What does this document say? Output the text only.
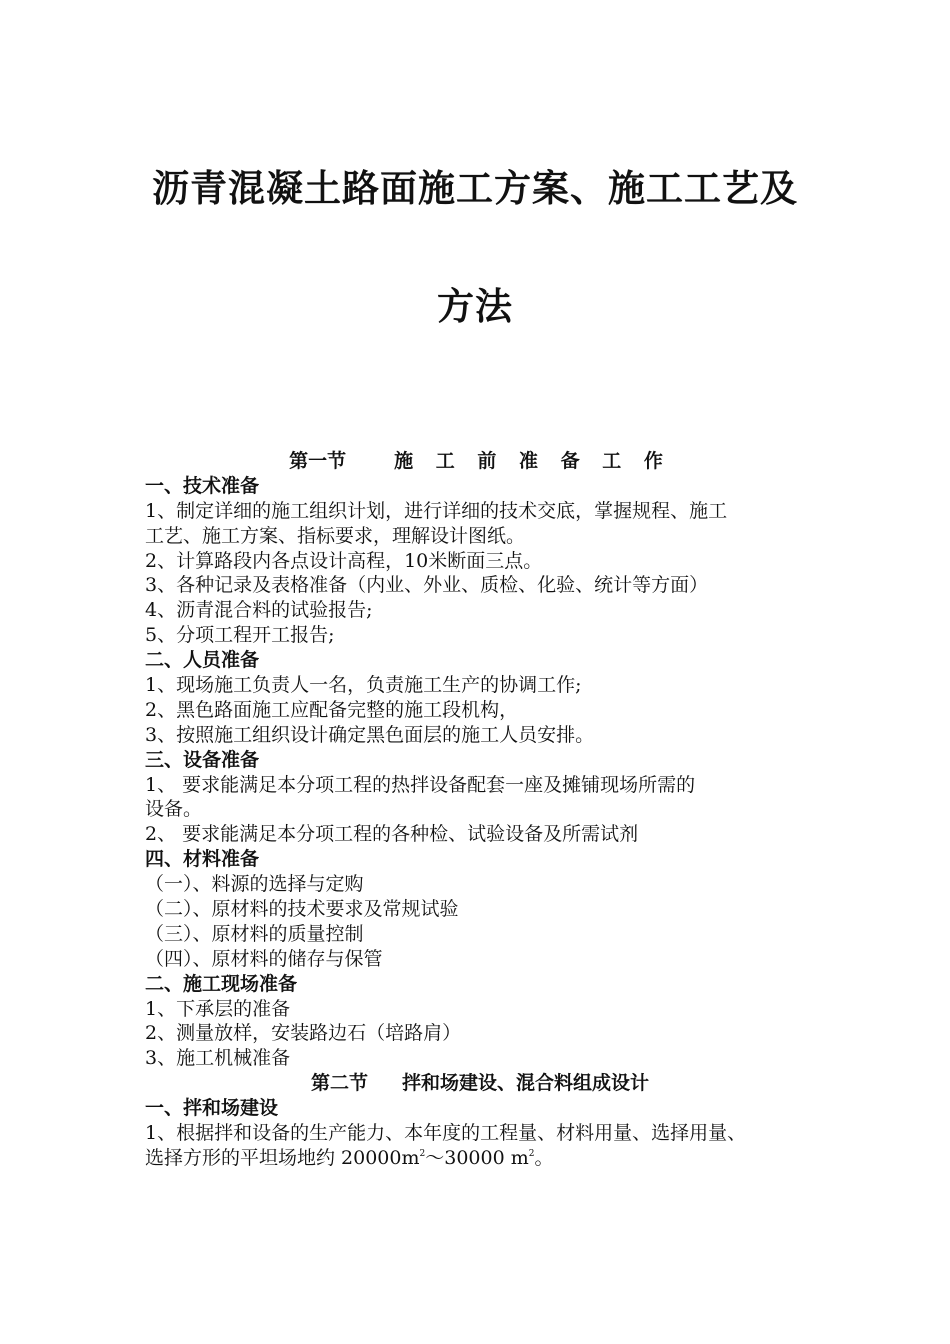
沥青混凝土路面施工方案、施工工艺及
方法
第一节	施 工 前 准 备 工 作
一、技术准备
1、制定详细的施工组织计划，进行详细的技术交底，掌握规程、施工
工艺、施工方案、指标要求，理解设计图纸。
2、计算路段内各点设计高程，10米断面三点。
3、各种记录及表格准备（内业、外业、质检、化验、统计等方面）
4、沥青混合料的试验报告;
5、分项工程开工报告;
二、人员准备
1、现场施工负责人一名，负责施工生产的协调工作;
2、黑色路面施工应配备完整的施工段机构，
3、按照施工组织设计确定黑色面层的施工人员安排。
三、设备准备
1、 要求能满足本分项工程的热拌设备配套一座及摊铺现场所需的
设备。
2、 要求能满足本分项工程的各种检、试验设备及所需试剂
四、材料准备
（一）、料源的选择与定购
（二）、原材料的技术要求及常规试验
（三）、原材料的质量控制
（四）、原材料的储存与保管
二、施工现场准备
1、下承层的准备
2、测量放样，安装路边石（培路肩）
3、施工机械准备
第二节 拌和场建设、混合料组成设计
一、拌和场建设
1、根据拌和设备的生产能力、本年度的工程量、材料用量、选择用量、
选择方形的平坦场地约 $20000m^2\sim 30000$ $m^2$。
